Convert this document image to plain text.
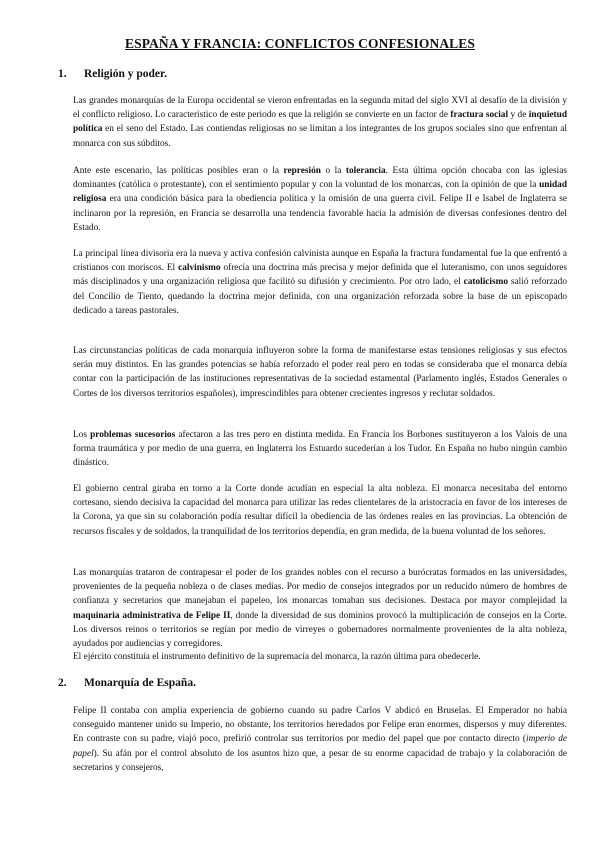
ESPAÑA Y FRANCIA: CONFLICTOS CONFESIONALES
1. Religión y poder.

Las grandes monarquías de la Europa occidental se vieron enfrentadas en la segunda mitad del siglo XVI al desafío de la división y el conflicto religioso. Lo característico de este periodo es que la religión se convierte en un factor de fractura social y de inquietud política en el seno del Estado. Las contiendas religiosas no se limitan a los integrantes de los grupos sociales sino que enfrentan al monarca con sus súbditos.

Ante este escenario, las políticas posibles eran o la represión o la tolerancia. Esta última opción chocaba con las iglesias dominantes (católica o protestante), con el sentimiento popular y con la voluntad de los monarcas, con la opinión de que la unidad religiosa era una condición básica para la obediencia política y la omisión de una guerra civil. Felipe II e Isabel de Inglaterra se inclinaron por la represión, en Francia se desarrolla una tendencia favorable hacia la admisión de diversas confesiones dentro del Estado.

La principal línea divisoria era la nueva y activa confesión calvinista aunque en España la fractura fundamental fue la que enfrentó a cristianos con moriscos. El calvinismo ofrecía una doctrina más precisa y mejor definida que el luteranismo, con unos seguidores más disciplinados y una organización religiosa que facilitó su difusión y crecimiento. Por otro lado, el catolicismo salió reforzado del Concilio de Tiento, quedando la doctrina mejor definida, con una organización reforzada sobre la base de un episcopado dedicado a tareas pastorales.

Las circunstancias políticas de cada monarquía influyeron sobre la forma de manifestarse estas tensiones religiosas y sus efectos serán muy distintos. En las grandes potencias se había reforzado el poder real pero en todas se consideraba que el monarca debía contar con la participación de las instituciones representativas de la sociedad estamental (Parlamento inglés, Estados Generales o Cortes de los diversos territorios españoles), imprescindibles para obtener crecientes ingresos y reclutar soldados.

Los problemas sucesorios afectaron a las tres pero en distinta medida. En Francia los Borbones sustituyeron a los Valois de una forma traumática y por medio de una guerra, en Inglaterra los Estuardo sucederían a los Tudor. En España no hubo ningún cambio dinástico.

El gobierno central giraba en torno a la Corte donde acudían en especial la alta nobleza. El monarca necesitaba del entorno cortesano, siendo decisiva la capacidad del monarca para utilizar las redes clientelares de la aristocracia en favor de los intereses de la Corona, ya que sin su colaboración podía resultar difícil la obediencia de las órdenes reales en las provincias. La obtención de recursos fiscales y de soldados, la tranquilidad de los territorios dependía, en gran medida, de la buena voluntad de los señores.

Las monarquías trataron de contrapesar el poder de los grandes nobles con el recurso a burócratas formados en las universidades, provenientes de la pequeña nobleza o de clases medias. Por medio de consejos integrados por un reducido número de hombres de confianza y secretarios que manejaban el papeleo, los monarcas tomaban sus decisiones. Destaca por mayor complejidad la maquinaria administrativa de Felipe II, donde la diversidad de sus dominios provocó la multiplicación de consejos en la Corte. Los diversos reinos o territorios se regían por medio de virreyes o gobernadores normalmente provenientes de la alta nobleza, ayudados por audiencias y corregidores.

El ejército constituía el instrumento definitivo de la supremacía del monarca, la razón última para obedecerle.

2. Monarquía de España.

Felipe II contaba con amplia experiencia de gobierno cuando su padre Carlos V abdicó en Bruselas. El Emperador no había conseguido mantener unido su Imperio, no obstante, los territorios heredados por Felipe eran enormes, dispersos y muy diferentes. En contraste con su padre, viajó poco, prefirió controlar sus territorios por medio del papel que por contacto directo (imperio de papel). Su afán por el control absoluto de los asuntos hizo que, a pesar de su enorme capacidad de trabajo y la colaboración de secretarios y consejeros,
